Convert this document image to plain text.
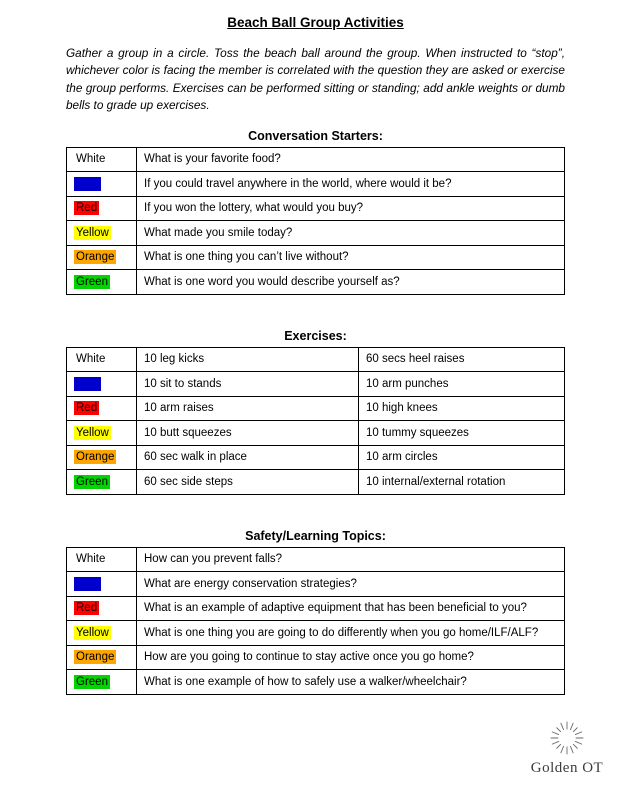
Beach Ball Group Activities
Gather a group in a circle. Toss the beach ball around the group. When instructed to “stop”, whichever color is facing the member is correlated with the question they are asked or exercise the group performs. Exercises can be performed sitting or standing; add ankle weights or dumb bells to grade up exercises.
Conversation Starters:
White	What is your favorite food?
Blue	If you could travel anywhere in the world, where would it be?
Red	If you won the lottery, what would you buy?
Yellow	What made you smile today?
Orange	What is one thing you can’t live without?
Green	What is one word you would describe yourself as?
Exercises:
White	10 leg kicks	60 secs heel raises
Blue	10 sit to stands	10 arm punches
Red	10 arm raises	10 high knees
Yellow	10 butt squeezes	10 tummy squeezes
Orange	60 sec walk in place	10 arm circles
Green	60 sec side steps	10 internal/external rotation
Safety/Learning Topics:
White	How can you prevent falls?
Blue	What are energy conservation strategies?
Red	What is an example of adaptive equipment that has been beneficial to you?
Yellow	What is one thing you are going to do differently when you go home/ILF/ALF?
Orange	How are you going to continue to stay active once you go home?
Green	What is one example of how to safely use a walker/wheelchair?
Golden OT
